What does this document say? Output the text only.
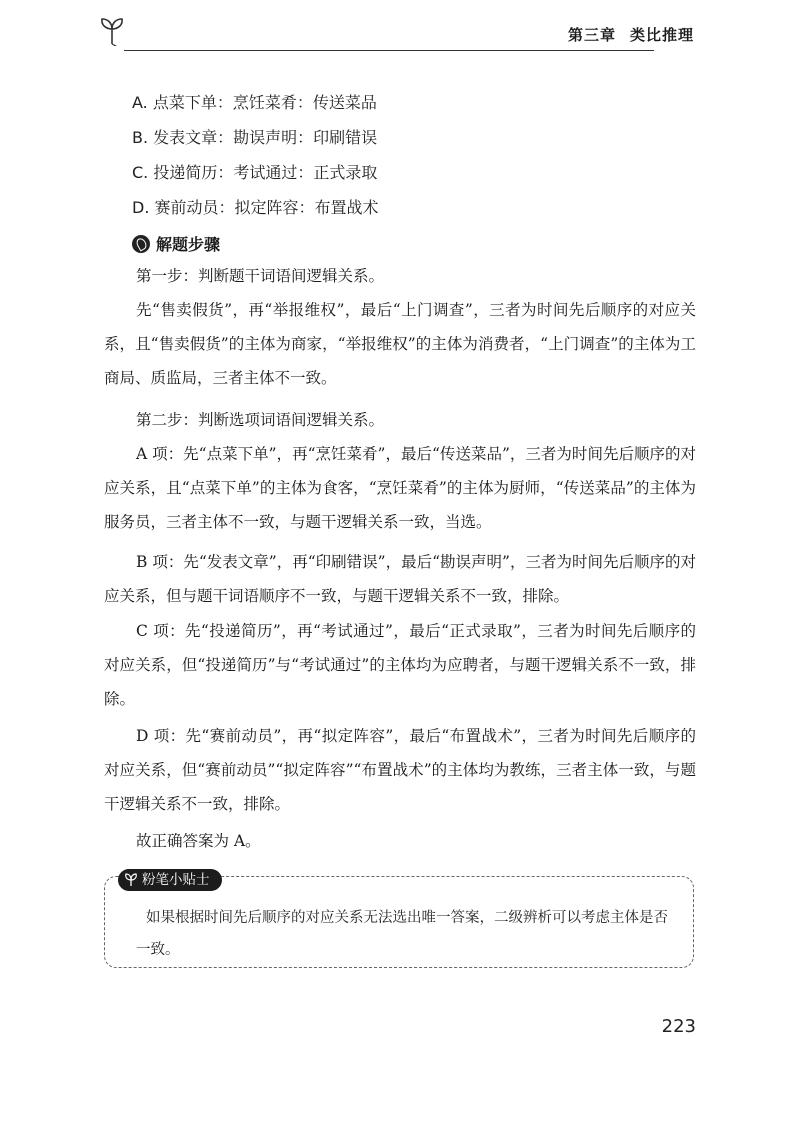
第三章 类比推理
A. 点菜下单：烹饪菜肴：传送菜品
B. 发表文章：勘误声明：印刷错误
C. 投递简历：考试通过：正式录取
D. 赛前动员：拟定阵容：布置战术
解题步骤

第一步：判断题干词语间逻辑关系。

先“售卖假货”，再“举报维权”，最后“上门调查”，三者为时间先后顺序的对应关系，且“售卖假货”的主体为商家，“举报维权”的主体为消费者，“上门调查”的主体为工商局、质监局，三者主体不一致。

第二步：判断选项词语间逻辑关系。

A 项：先“点菜下单”，再“烹饪菜肴”，最后“传送菜品”，三者为时间先后顺序的对应关系，且“点菜下单”的主体为食客，“烹饪菜肴”的主体为厨师，“传送菜品”的主体为服务员，三者主体不一致，与题干逻辑关系一致，当选。

B 项：先“发表文章”，再“印刷错误”，最后“勘误声明”，三者为时间先后顺序的对应关系，但与题干词语顺序不一致，与题干逻辑关系不一致，排除。

C 项：先“投递简历”，再“考试通过”，最后“正式录取”，三者为时间先后顺序的对应关系，但“投递简历”与“考试通过”的主体均为应聘者，与题干逻辑关系不一致，排除。

D 项：先“赛前动员”，再“拟定阵容”，最后“布置战术”，三者为时间先后顺序的对应关系，但“赛前动员”“拟定阵容”“布置战术”的主体均为教练，三者主体一致，与题干逻辑关系不一致，排除。

故正确答案为 A。

粉笔小贴士

如果根据时间先后顺序的对应关系无法选出唯一答案，二级辨析可以考虑主体是否一致。

223
